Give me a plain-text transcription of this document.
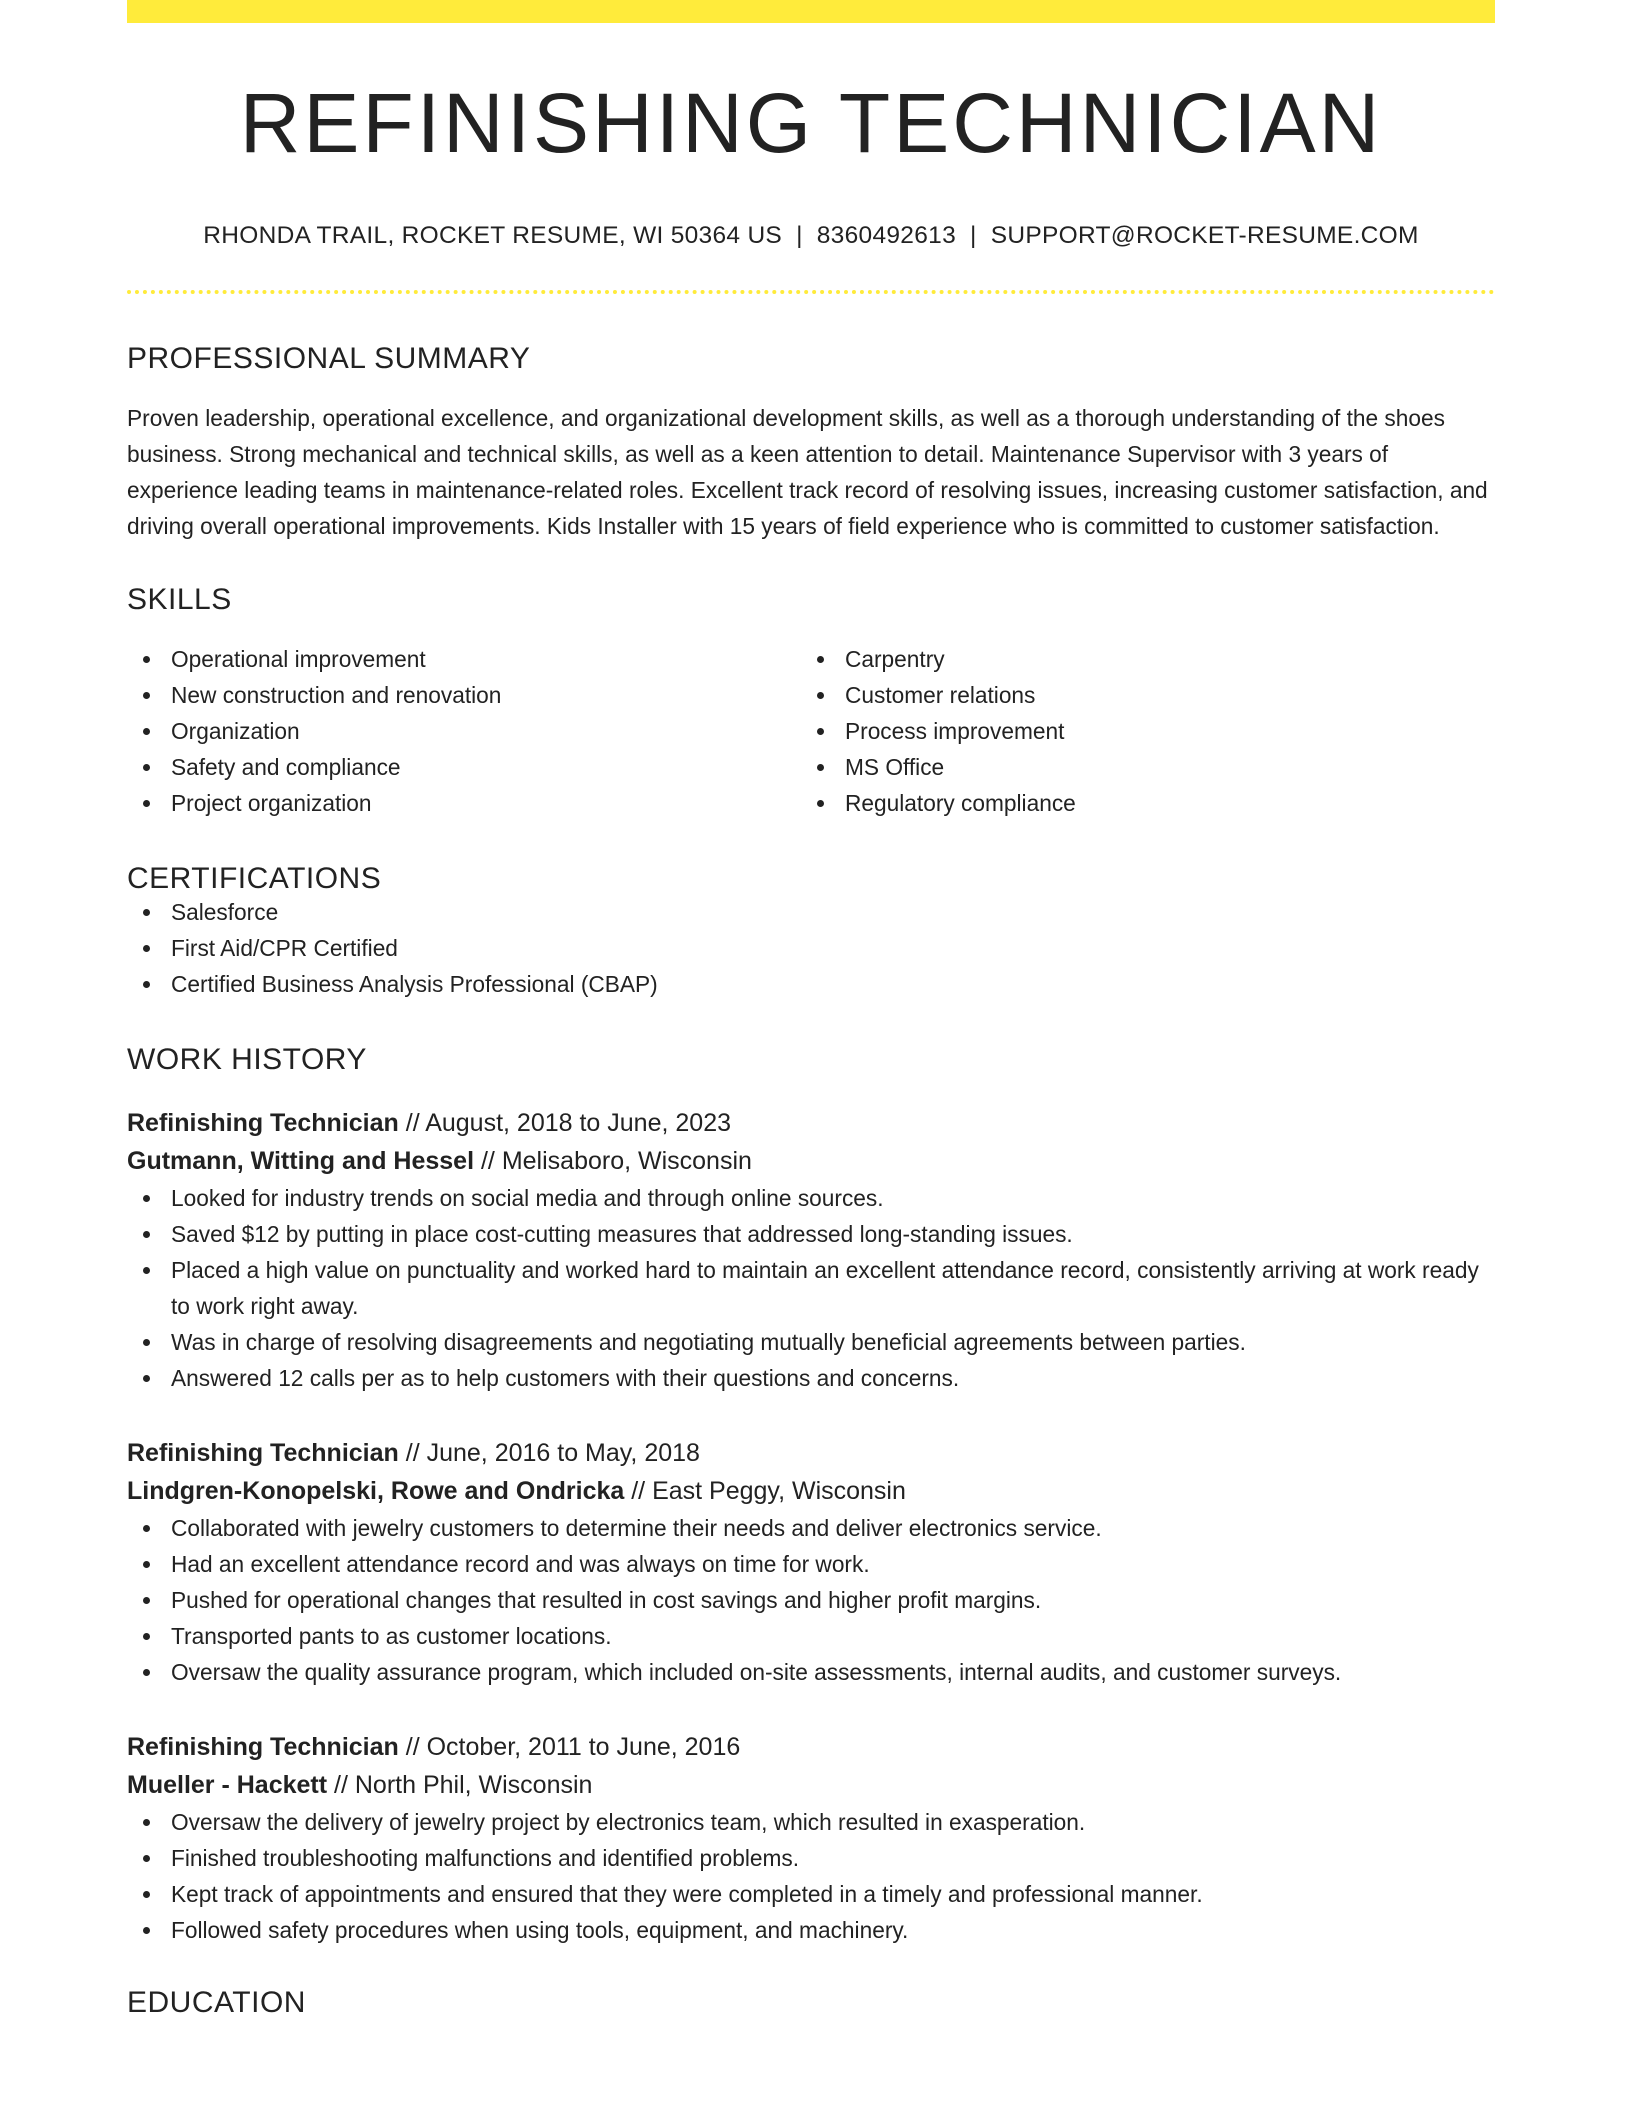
REFINISHING TECHNICIAN
RHONDA TRAIL, ROCKET RESUME, WI 50364 US | 8360492613 | SUPPORT@ROCKET-RESUME.COM
PROFESSIONAL SUMMARY

Proven leadership, operational excellence, and organizational development skills, as well as a thorough understanding of the shoes business. Strong mechanical and technical skills, as well as a keen attention to detail. Maintenance Supervisor with 3 years of experience leading teams in maintenance-related roles. Excellent track record of resolving issues, increasing customer satisfaction, and driving overall operational improvements. Kids Installer with 15 years of field experience who is committed to customer satisfaction.

SKILLS
Operational improvement
New construction and renovation
Organization
Safety and compliance
Project organization
Carpentry
Customer relations
Process improvement
MS Office
Regulatory compliance
CERTIFICATIONS
Salesforce
First Aid/CPR Certified
Certified Business Analysis Professional (CBAP)
WORK HISTORY
Refinishing Technician // August, 2018 to June, 2023
Gutmann, Witting and Hessel // Melisaboro, Wisconsin
Looked for industry trends on social media and through online sources.
Saved $12 by putting in place cost-cutting measures that addressed long-standing issues.
Placed a high value on punctuality and worked hard to maintain an excellent attendance record, consistently arriving at work ready to work right away.
Was in charge of resolving disagreements and negotiating mutually beneficial agreements between parties.
Answered 12 calls per as to help customers with their questions and concerns.
Refinishing Technician // June, 2016 to May, 2018
Lindgren-Konopelski, Rowe and Ondricka // East Peggy, Wisconsin
Collaborated with jewelry customers to determine their needs and deliver electronics service.
Had an excellent attendance record and was always on time for work.
Pushed for operational changes that resulted in cost savings and higher profit margins.
Transported pants to as customer locations.
Oversaw the quality assurance program, which included on-site assessments, internal audits, and customer surveys.
Refinishing Technician // October, 2011 to June, 2016
Mueller - Hackett // North Phil, Wisconsin
Oversaw the delivery of jewelry project by electronics team, which resulted in exasperation.
Finished troubleshooting malfunctions and identified problems.
Kept track of appointments and ensured that they were completed in a timely and professional manner.
Followed safety procedures when using tools, equipment, and machinery.
EDUCATION
